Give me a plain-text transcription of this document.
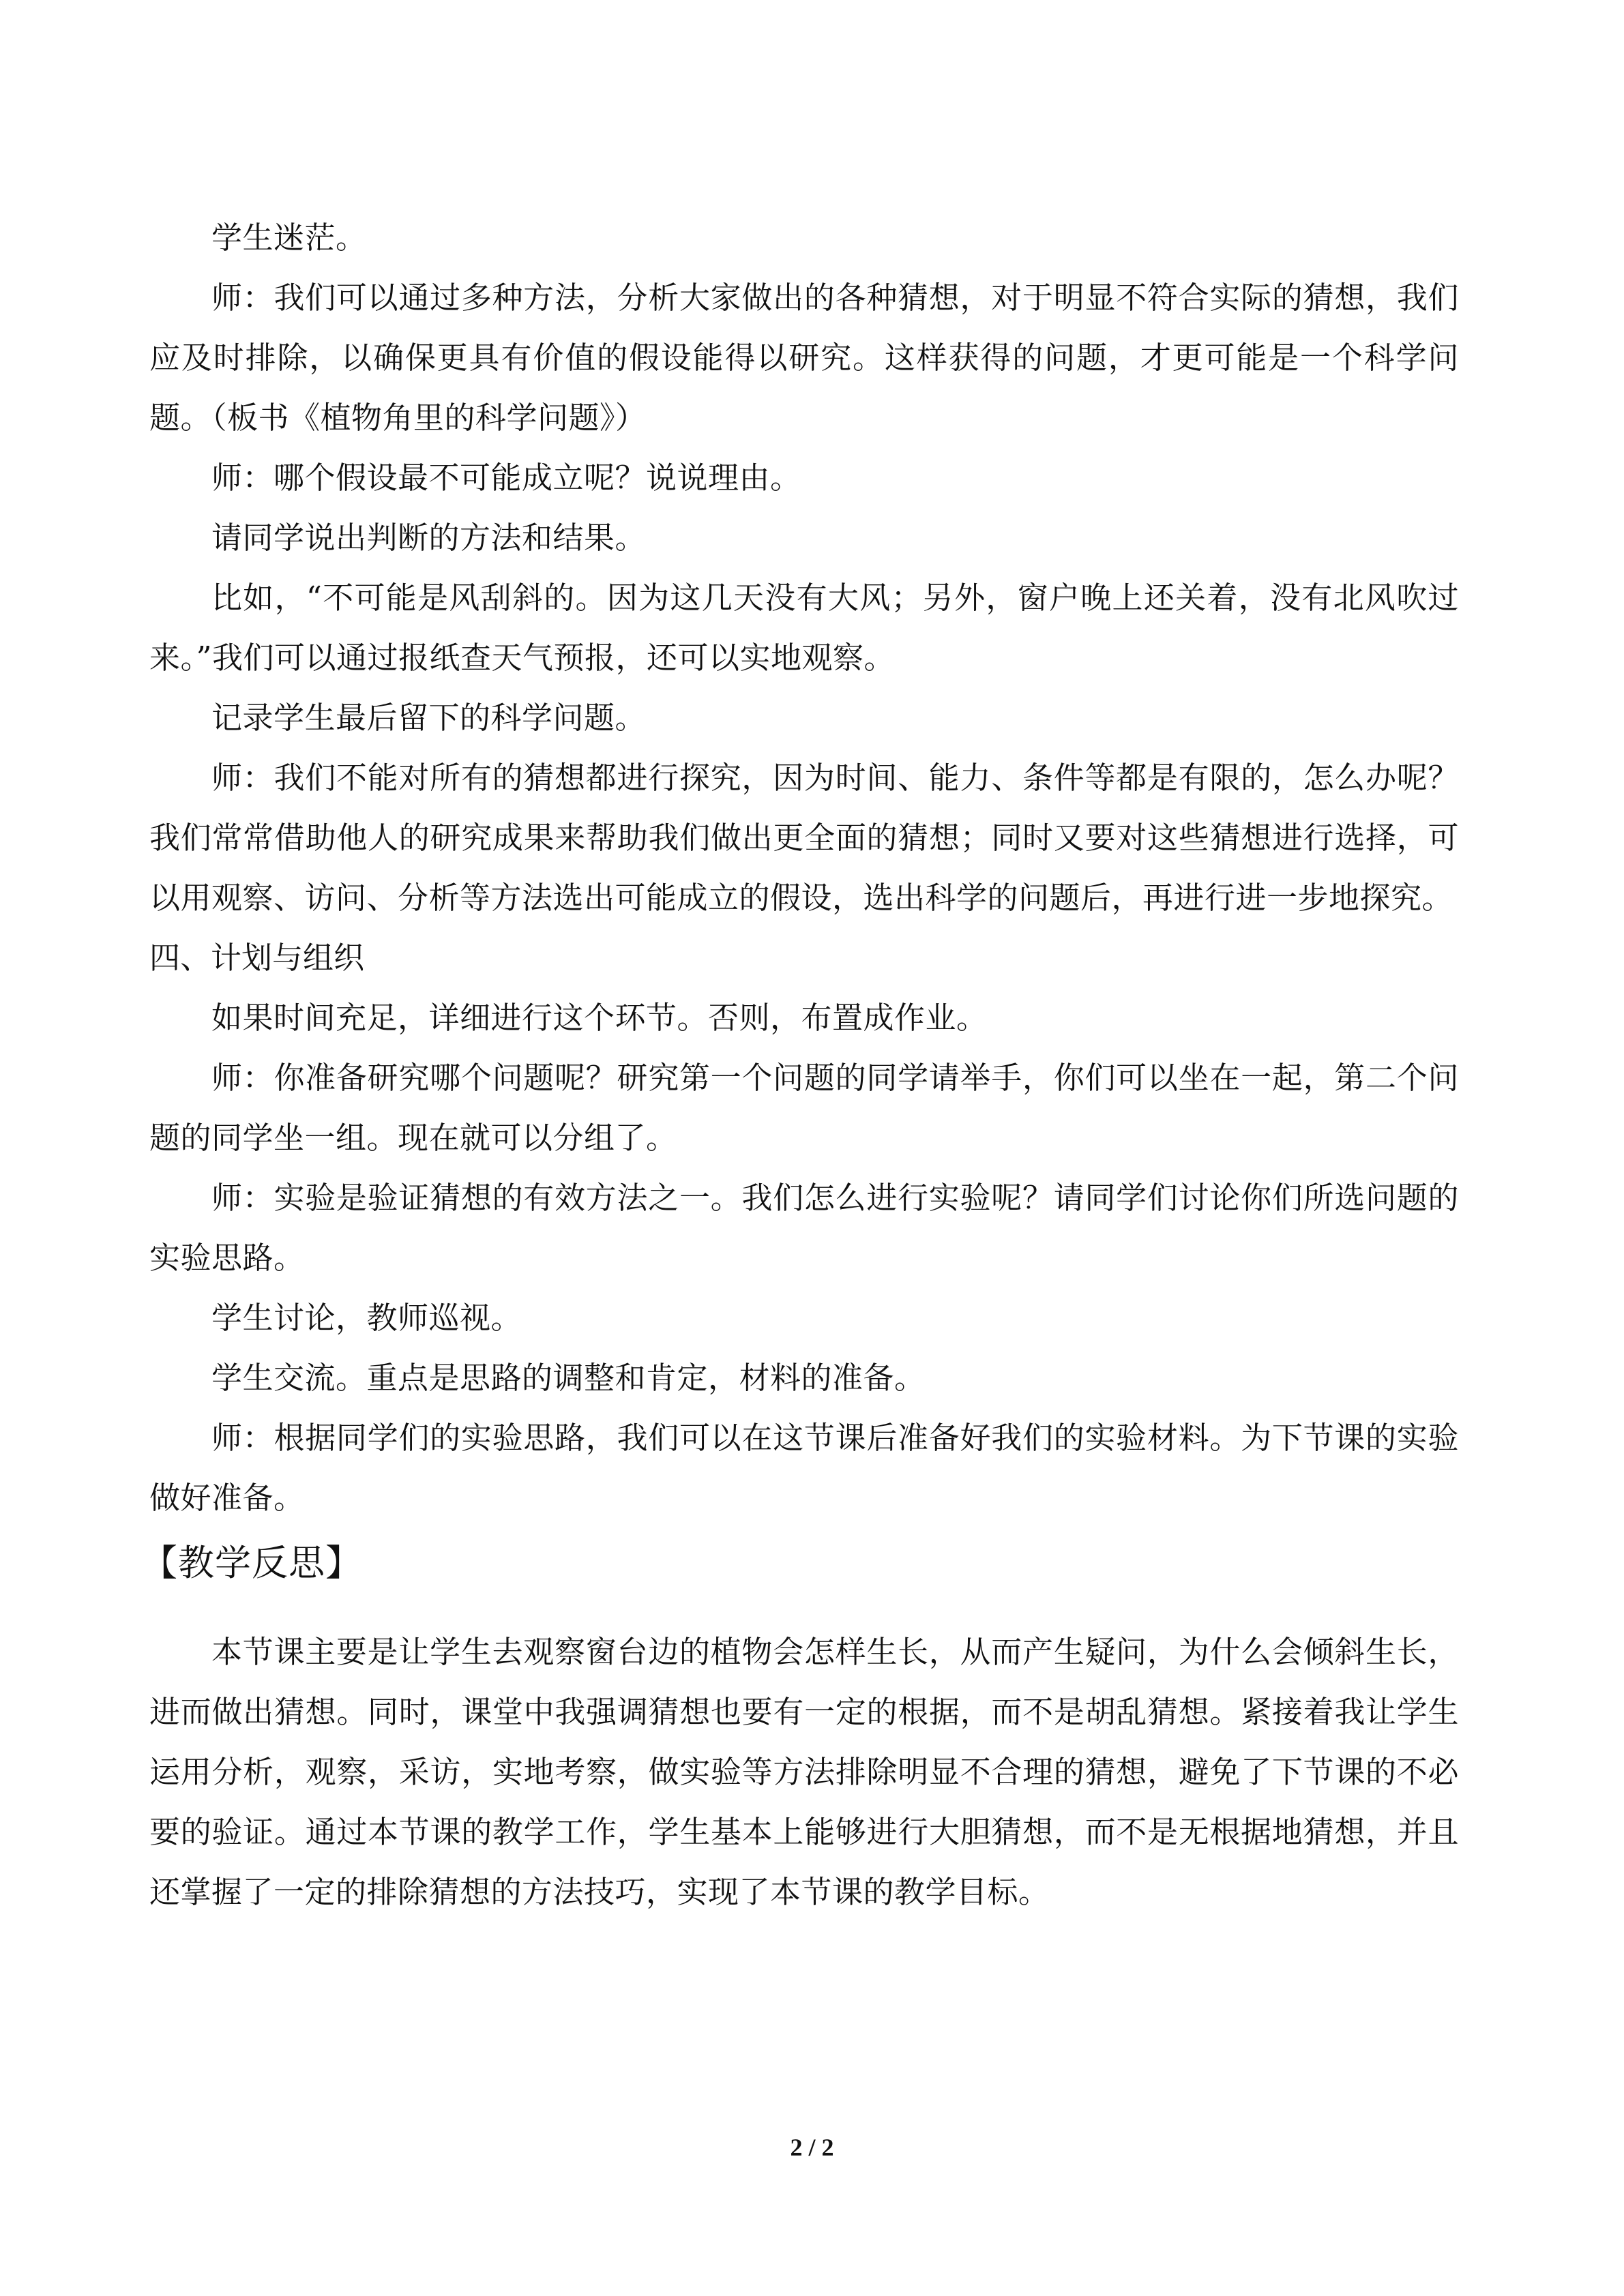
学生迷茫。

师：我们可以通过多种方法，分析大家做出的各种猜想，对于明显不符合实际的猜想，我们应及时排除，以确保更具有价值的假设能得以研究。这样获得的问题，才更可能是一个科学问题。（板书《植物角里的科学问题》）

师：哪个假设最不可能成立呢？说说理由。

请同学说出判断的方法和结果。

比如，“不可能是风刮斜的。因为这几天没有大风；另外，窗户晚上还关着，没有北风吹过来。”我们可以通过报纸查天气预报，还可以实地观察。

记录学生最后留下的科学问题。

师：我们不能对所有的猜想都进行探究，因为时间、能力、条件等都是有限的，怎么办呢？我们常常借助他人的研究成果来帮助我们做出更全面的猜想；同时又要对这些猜想进行选择，可以用观察、访问、分析等方法选出可能成立的假设，选出科学的问题后，再进行进一步地探究。

四、计划与组织

如果时间充足，详细进行这个环节。否则，布置成作业。

师：你准备研究哪个问题呢？研究第一个问题的同学请举手，你们可以坐在一起，第二个问题的同学坐一组。现在就可以分组了。

师：实验是验证猜想的有效方法之一。我们怎么进行实验呢？请同学们讨论你们所选问题的实验思路。

学生讨论，教师巡视。

学生交流。重点是思路的调整和肯定，材料的准备。

师：根据同学们的实验思路，我们可以在这节课后准备好我们的实验材料。为下节课的实验做好准备。

【教学反思】

本节课主要是让学生去观察窗台边的植物会怎样生长，从而产生疑问，为什么会倾斜生长，进而做出猜想。同时，课堂中我强调猜想也要有一定的根据，而不是胡乱猜想。紧接着我让学生运用分析，观察，采访，实地考察，做实验等方法排除明显不合理的猜想，避免了下节课的不必要的验证。通过本节课的教学工作，学生基本上能够进行大胆猜想，而不是无根据地猜想，并且还掌握了一定的排除猜想的方法技巧，实现了本节课的教学目标。

2 / 2
